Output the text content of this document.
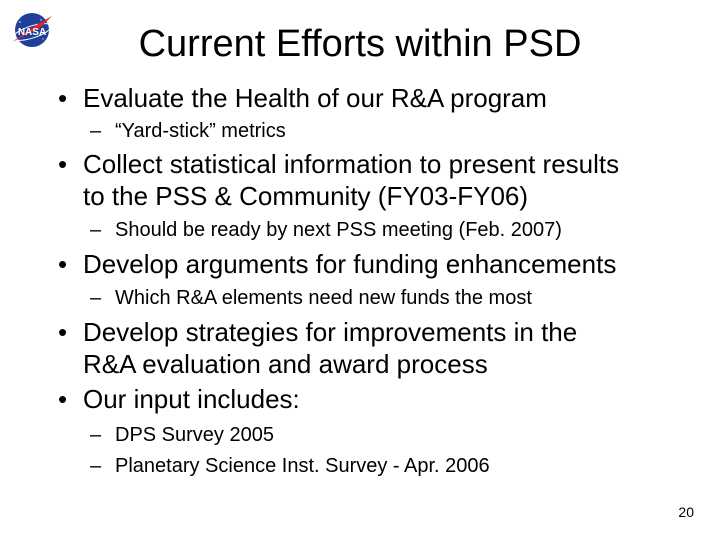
NASA	Current Efforts within PSD
• Evaluate the Health of our R&A program
– “Yard-stick” metrics
• Collect statistical information to present results
to the PSS & Community (FY03-FY06)
– Should be ready by next PSS meeting (Feb. 2007)
• Develop arguments for funding enhancements
– Which R&A elements need new funds the most
• Develop strategies for improvements in the
R&A evaluation and award process
• Our input includes:
– DPS Survey 2005
– Planetary Science Inst. Survey - Apr. 2006
20
